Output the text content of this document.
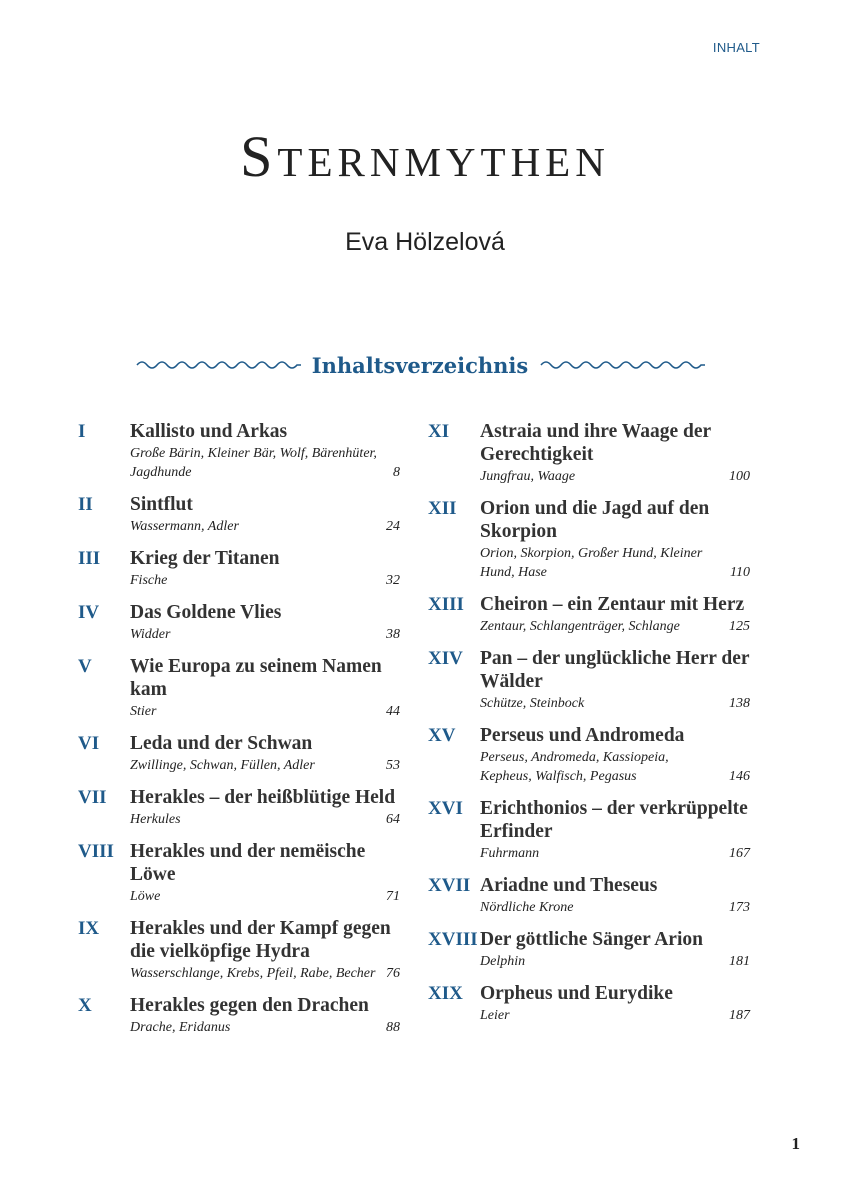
INHALT
Sternmythen
Eva Hölzelová
Inhaltsverzeichnis
I Kallisto und Arkas
Große Bärin, Kleiner Bär, Wolf, Bärenhüter, Jagdhunde	8
II Sintflut
Wassermann, Adler	24
III Krieg der Titanen
Fische	32
IV Das Goldene Vlies
Widder	38
V Wie Europa zu seinem Namen kam
Stier	44
VI Leda und der Schwan
Zwillinge, Schwan, Füllen, Adler	53
VII Herakles – der heißblütige Held
Herkules	64
VIII Herakles und der nemëische Löwe
Löwe	71
IX Herakles und der Kampf gegen die vielköpfige Hydra
Wasserschlange, Krebs, Pfeil, Rabe, Becher 76
X Herakles gegen den Drachen
Drache, Eridanus	88
XI Astraia und ihre Waage der Gerechtigkeit
Jungfrau, Waage	100
XII Orion und die Jagd auf den Skorpion
Orion, Skorpion, Großer Hund, Kleiner Hund, Hase	110
XIII Cheiron – ein Zentaur mit Herz
Zentaur, Schlangenträger, Schlange	125
XIV Pan – der unglückliche Herr der Wälder
Schütze, Steinbock	138
XV Perseus und Andromeda
Perseus, Andromeda, Kassiopeia, Kepheus, Walfisch, Pegasus	146
XVI Erichthonios – der verkrüppelte Erfinder
Fuhrmann	167
XVII Ariadne und Theseus
Nördliche Krone	173
XVIII Der göttliche Sänger Arion
Delphin	181
XIX Orpheus und Eurydike
Leier	187
1
